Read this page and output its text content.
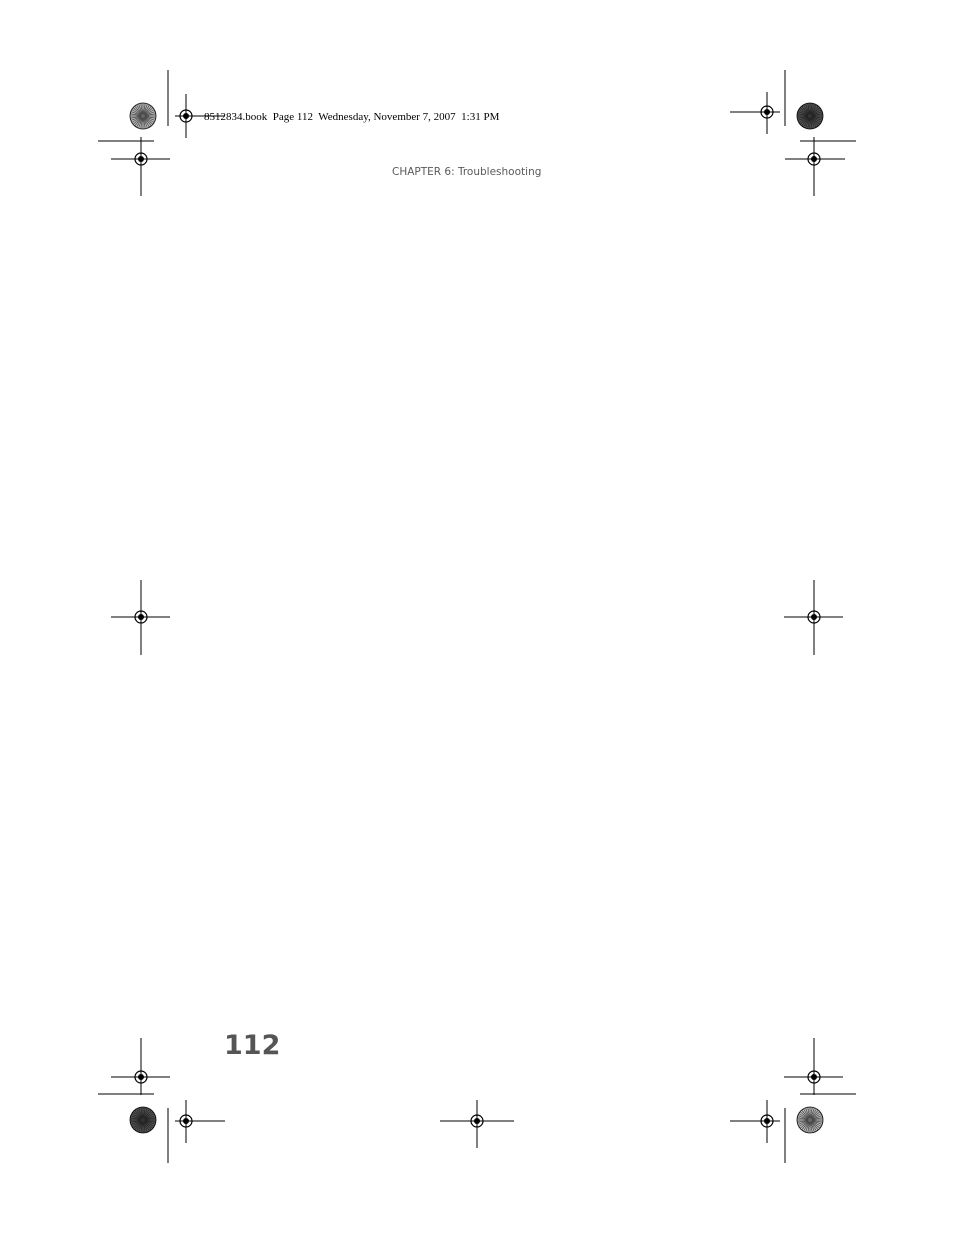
8512834.book  Page 112  Wednesday, November 7, 2007  1:31 PM
CHAPTER 6: Troubleshooting
112
